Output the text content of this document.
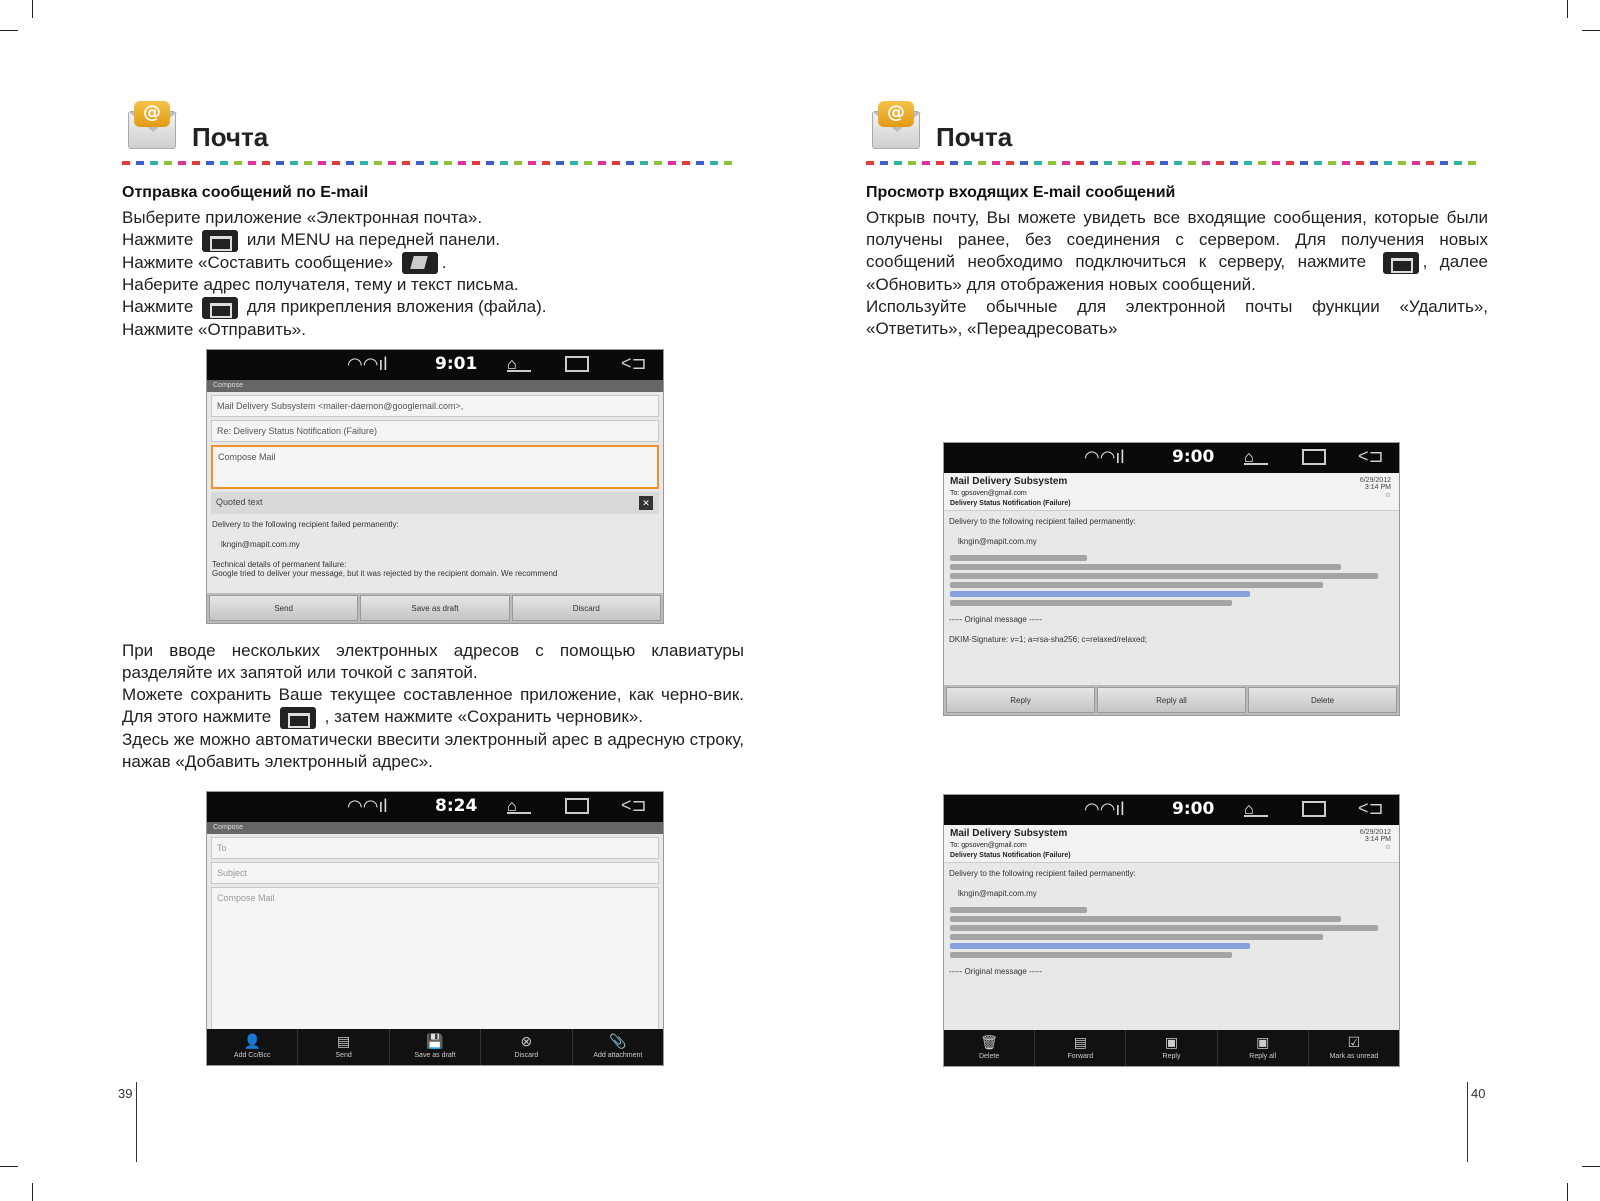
@
Почта
Отправка сообщений по E-mail

Выберите приложение «Электронная почта».

Нажмите	или MENU на передней панели.

Нажмите «Составить сообщение»	.

Наберите адрес получателя, тему и текст письма.

Нажмите	для прикрепления вложения (файла).

Нажмите «Отправить».

◠◠ıl	9:01 ⌂	<⊐
Compose
Mail Delivery Subsystem <mailer-daemon@googlemail.com>,
Re: Delivery Status Notification (Failure)
Compose Mail
Quoted text	✕
Delivery to the following recipient failed permanently:
lkngin@mapit.com.my
Technical details of permanent failure:
Google tried to deliver your message, but it was rejected by the recipient domain. We recommend
Send	Save as draft	Discard

При вводе нескольких электронных адресов с помощью клавиатуры разделяйте их запятой или точкой с запятой.

Можете сохранить Ваше текущее составленное приложение, как черно-вик. Для этого нажмите	, затем нажмите «Сохранить черновик».

Здесь же можно автоматически ввесити электронный арес в адресную строку, нажав «Добавить электронный адрес».

◠◠ıl	8:24 ⌂	<⊐
Compose
To
Subject
Compose Mail
👤
Add Cc/Bcc
▤
Send
💾
Save as draft
⊗
Discard
📎
Add attachment
39
@
Почта
Просмотр входящих E-mail сообщений

Открыв почту, Вы можете увидеть все входящие сообщения, которые были получены ранее, без соединения с сервером. Для получения новых сообщений необходимо подключиться к серверу, нажмите	, далее «Обновить» для отображения новых сообщений.

Используйте обычные для электронной почты функции «Удалить», «Ответить», «Переадресовать»

◠◠ıl	9:00 ⌂	<⊐
Mail Delivery Subsystem
To: gpsoven@gmail.com
Delivery Status Notification (Failure)
6/29/2012
3:14 PM
☆
Delivery to the following recipient failed permanently:
lkngin@mapit.com.my
----- Original message -----
DKIM-Signature: v=1; a=rsa-sha256; c=relaxed/relaxed;
Reply	Reply all	Delete
◠◠ıl	9:00 ⌂	<⊐
Mail Delivery Subsystem
To: gpsoven@gmail.com
Delivery Status Notification (Failure)
6/29/2012
3:14 PM
☆
Delivery to the following recipient failed permanently:
lkngin@mapit.com.my
----- Original message -----
🗑
Delete
▤
Forward
▣
Reply
▣
Reply all
☑
Mark as unread
40
